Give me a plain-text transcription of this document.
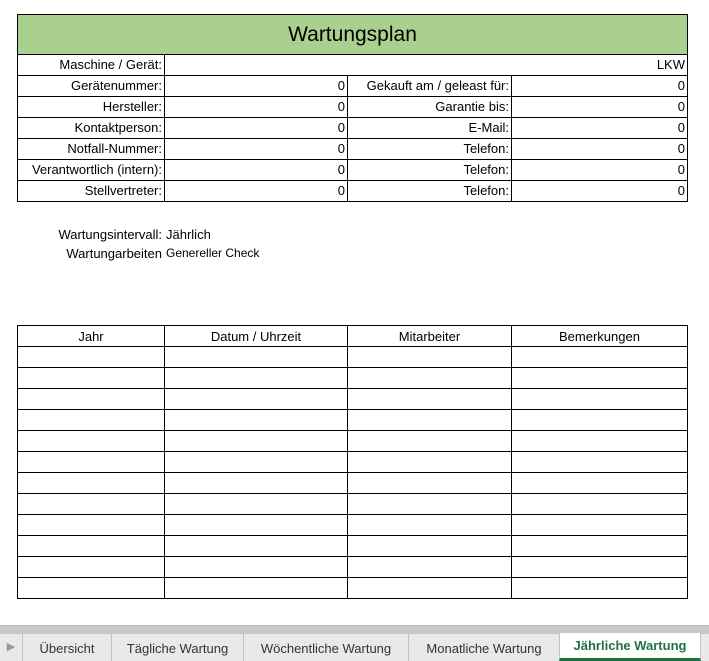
Wartungsplan			
Maschine / Gerät:	LKW		
Gerätenummer:	0	Gekauft am / geleast für:	0
Hersteller:	0	Garantie bis:	0
Kontaktperson:	0	E-Mail:	0
Notfall-Nummer:	0	Telefon:	0
Verantwortlich (intern):	0	Telefon:	0
Stellvertreter:	0	Telefon:	0
Wartungsintervall: Jährlich
Wartungarbeiten Genereller Check
Jahr	Datum / Uhrzeit	Mitarbeiter	Bemerkungen

▶	Übersicht	Tägliche Wartung	Wöchentliche Wartung	Monatliche Wartung	Jährliche Wartung
